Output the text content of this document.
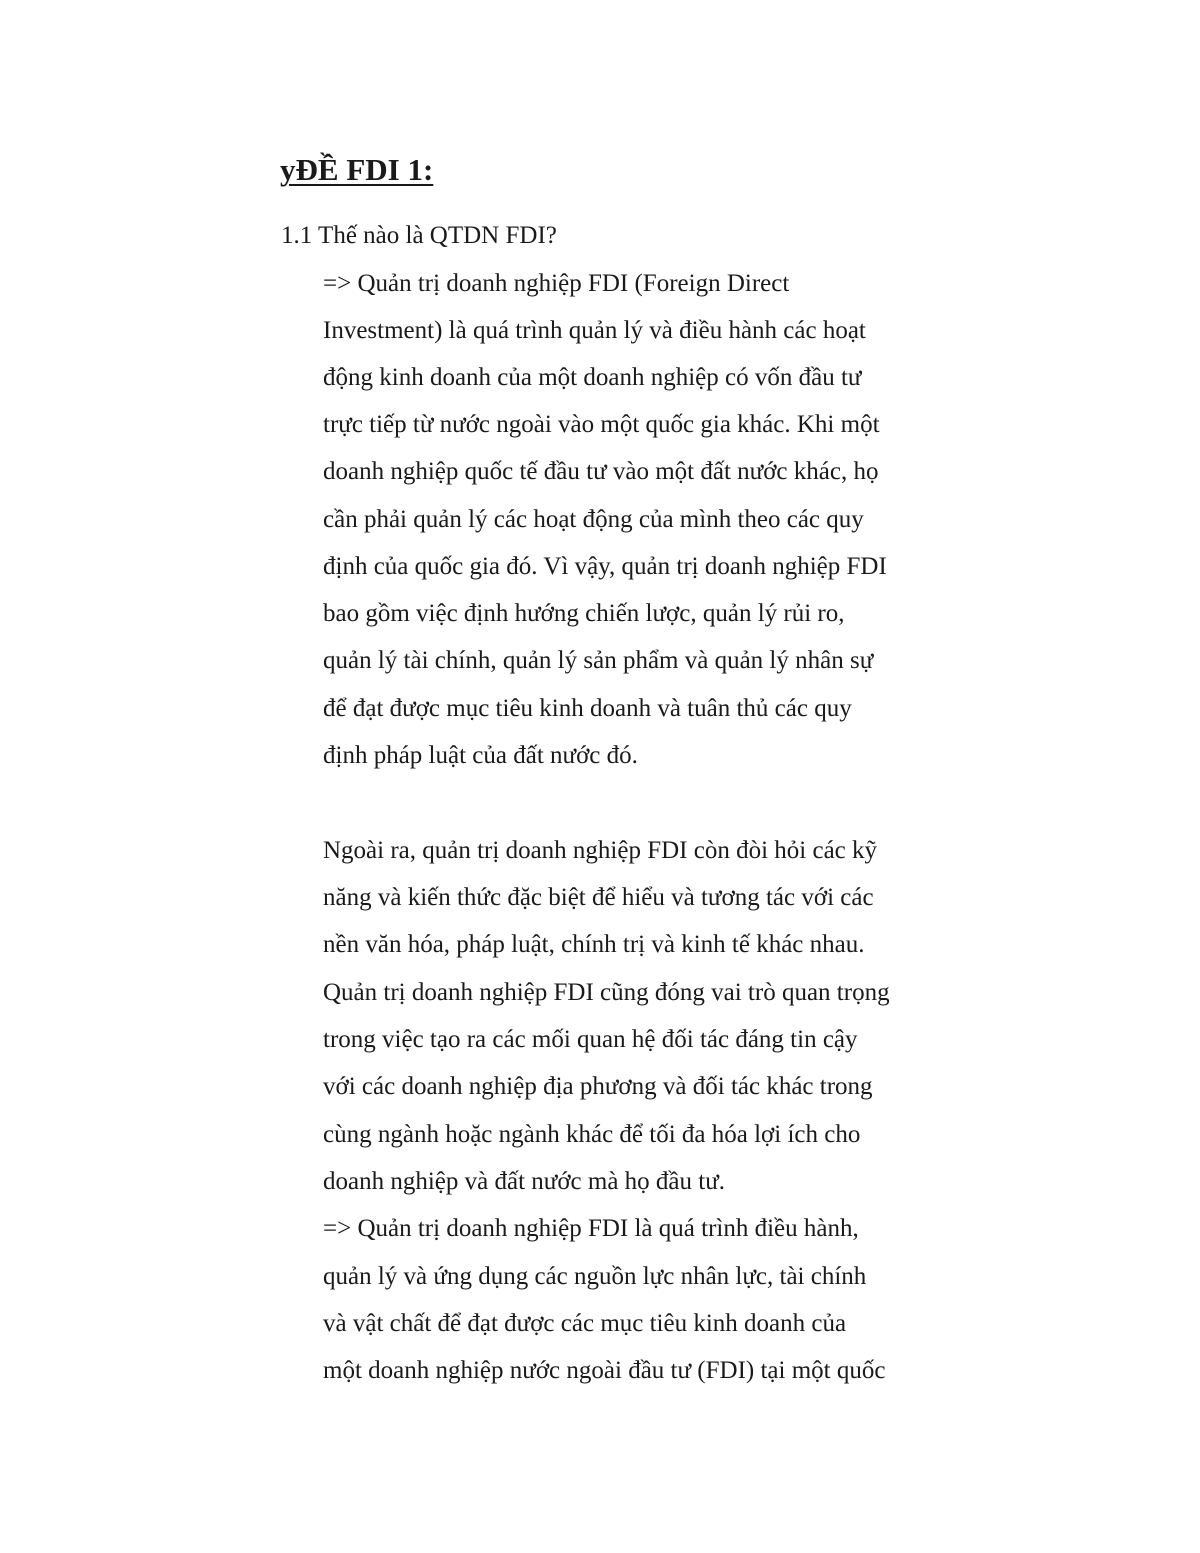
yĐỀ FDI 1:
1.1 Thế nào là QTDN FDI?
=> Quản trị doanh nghiệp FDI (Foreign Direct
Investment) là quá trình quản lý và điều hành các hoạt
động kinh doanh của một doanh nghiệp có vốn đầu tư
trực tiếp từ nước ngoài vào một quốc gia khác. Khi một
doanh nghiệp quốc tế đầu tư vào một đất nước khác, họ
cần phải quản lý các hoạt động của mình theo các quy
định của quốc gia đó. Vì vậy, quản trị doanh nghiệp FDI
bao gồm việc định hướng chiến lược, quản lý rủi ro,
quản lý tài chính, quản lý sản phẩm và quản lý nhân sự
để đạt được mục tiêu kinh doanh và tuân thủ các quy
định pháp luật của đất nước đó.
Ngoài ra, quản trị doanh nghiệp FDI còn đòi hỏi các kỹ
năng và kiến thức đặc biệt để hiểu và tương tác với các
nền văn hóa, pháp luật, chính trị và kinh tế khác nhau.
Quản trị doanh nghiệp FDI cũng đóng vai trò quan trọng
trong việc tạo ra các mối quan hệ đối tác đáng tin cậy
với các doanh nghiệp địa phương và đối tác khác trong
cùng ngành hoặc ngành khác để tối đa hóa lợi ích cho
doanh nghiệp và đất nước mà họ đầu tư.
=> Quản trị doanh nghiệp FDI là quá trình điều hành,
quản lý và ứng dụng các nguồn lực nhân lực, tài chính
và vật chất để đạt được các mục tiêu kinh doanh của
một doanh nghiệp nước ngoài đầu tư (FDI) tại một quốc
